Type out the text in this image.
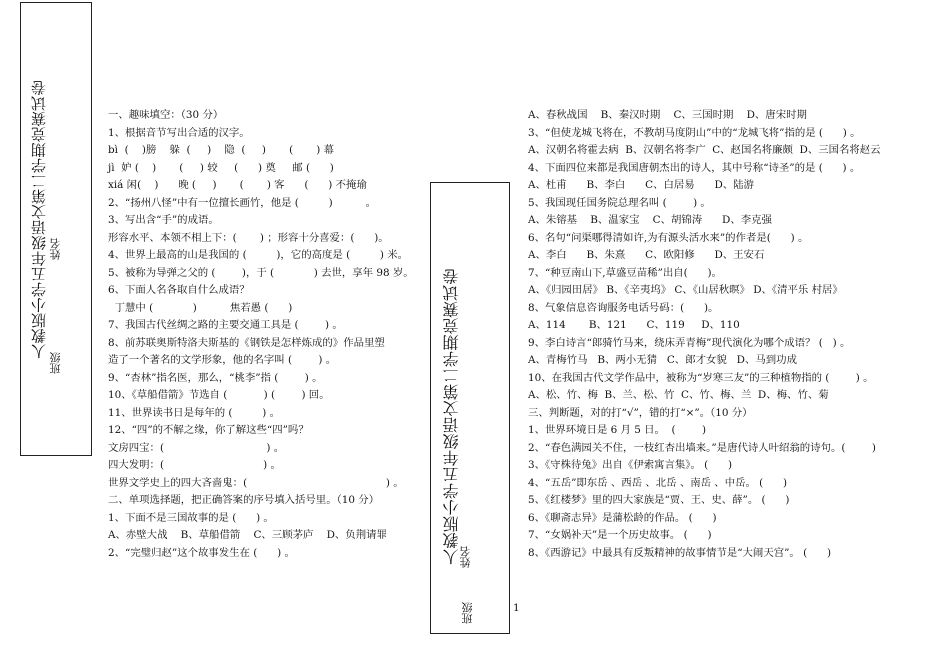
人教版小学五年级语文第二学期竞赛试卷 姓名
班级	人教版小学五年级语文第二学期竞赛试卷
姓名
班级
一、趣味填空：（30 分）
1、根据音节写出合适的汉字。
bì  (    )膀    躲  (     )    隐  (     )       (       ) 幕
jì  妒 (    )       (     ) 较     (      ) 奠     邮 (      )
xiá 闲(    )      晚 (     )       (       ) 客      (      ) 不掩瑜
2、“扬州八怪”中有一位擅长画竹，他是 (         )          。
3、写出含“手”的成语。
形容水平、本领不相上下：(       ) ；形容十分喜爱：(      )。
4、世界上最高的山是我国的 (         )，它的高度是 (         ) 米。
5、被称为导弹之父的 (        )，于 (            ) 去世，享年 98 岁。
6、下面人名各取自什么成语？
丁慧中 (            )          焦若愚 (      )
7、我国古代丝绸之路的主要交通工具是 (        ) 。
8、前苏联奥斯特洛夫斯基的《钢铁是怎样炼成的》作品里塑
造了一个著名的文学形象，他的名字叫 (        ) 。
9、“杏林”指名医，那么，“桃李”指 (        ) 。
10、《草船借箭》节选自 (           ) (        ) 回。
11、世界读书日是每年的 (         ) 。
12、“四”的不解之缘，你了解这些“四”吗？
文房四宝：(                               ) 。
四大发明：(                              ) 。
世界文学史上的四大吝啬鬼：(                                          ) 。
二、单项选择题，把正确答案的序号填入括号里。（10 分）
1、下面不是三国故事的是 (      ) 。
A、赤壁大战    B、草船借箭    C、三顾茅庐    D、负荆请罪
2、“完璧归赵”这个故事发生在 (      ) 。
A、春秋战国    B、秦汉时期    C、三国时期    D、唐宋时期
3、“但使龙城飞将在，不教胡马度阴山”中的“龙城飞将”指的是 (      ) 。
A、汉朝名将霍去病  B、汉朝名将李广  C、赵国名将廉颇  D、三国名将赵云
4、下面四位来都是我国唐朝杰出的诗人，其中号称“诗圣”的是 (      ) 。
A、杜甫      B、李白      C、白居易      D、陆游
5、我国现任国务院总理名叫 (        ) 。
A、朱镕基    B、温家宝    C、胡锦涛      D、李克强
6、名句“问渠哪得清如许,为有源头活水来”的作者是(      ) 。
A、李白      B、朱熹      C、欧阳修      D、王安石
7、“种豆南山下,草盛豆苗稀”出自(      )。
A、《归园田居》 B、《辛夷坞》 C、《山居秋暝》 D、《清平乐 村居》
8、气象信息咨询服务电话号码：(      )。
A、114       B、121      C、119     D、110
9、李白诗言“郎骑竹马来，绕床弄青梅”现代演化为哪个成语？ (   ) 。
A、青梅竹马   B、两小无猜   C、郎才女貌   D、马到功成
10、在我国古代文学作品中，被称为“岁寒三友”的三种植物指的 (        ) 。
A、松、竹、梅  B、兰、松、竹  C、竹、梅、兰  D、梅、竹、菊
三、判断题，对的打“√”，错的打“×”。（10 分）
1、世界环境日是 6 月 5 日。  (        )
2、“春色满园关不住，一枝红杏出墙来。”是唐代诗人叶绍翁的诗句。(        )
3、《守株待兔》出自《伊索寓言集》。 (      )
4、“五岳”即东岳 、西岳 、北岳 、南岳 、中岳。 (      )
5、《红楼梦》里的四大家族是“贾、王、史、薛”。 (      )
6、《聊斋志异》是蒲松龄的作品。 (      )
7、“女娲补天”是一个历史故事。 (      )
8、《西游记》中最具有反叛精神的故事情节是“大闹天宫”。 (      )
1
